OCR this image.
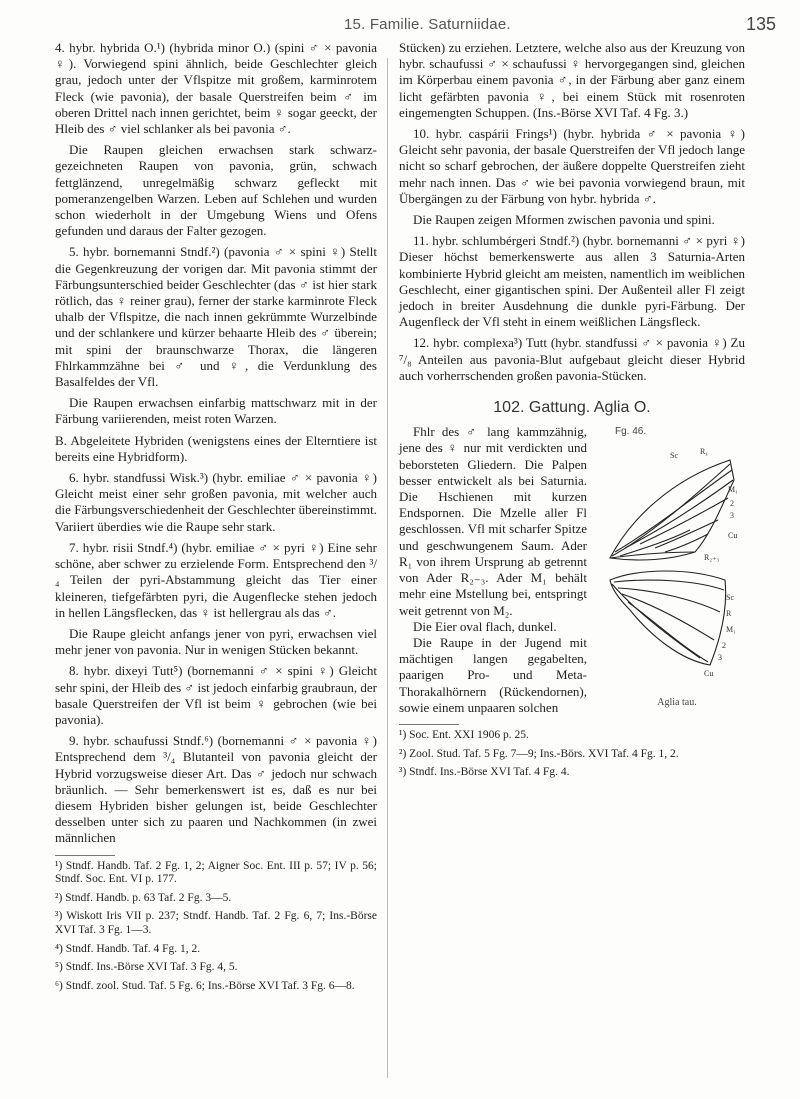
15. Familie. Saturniidae.	135

4. hybr. hybrida O.¹) (hybrida minor O.) (spini ♂ × pavonia ♀). Vorwiegend spini ähnlich, beide Geschlechter gleich grau, jedoch unter der Vflspitze mit großem, karminrotem Fleck (wie pavonia), der basale Querstreifen beim ♂ im oberen Drittel nach innen gerichtet, beim ♀ sogar geeckt, der Hleib des ♂ viel schlanker als bei pavonia ♂.

Die Raupen gleichen erwachsen stark schwarz-gezeichneten Raupen von pavonia, grün, schwach fettglänzend, unregelmäßig schwarz gefleckt mit pomeranzengelben Warzen. Leben auf Schlehen und wurden schon wiederholt in der Umgebung Wiens und Ofens gefunden und daraus der Falter gezogen.

5. hybr. bornemanni Stndf.²) (pavonia ♂ × spini ♀) Stellt die Gegenkreuzung der vorigen dar. Mit pavonia stimmt der Färbungsunterschied beider Geschlechter (das ♂ ist hier stark rötlich, das ♀ reiner grau), ferner der starke karminrote Fleck uhalb der Vflspitze, die nach innen gekrümmte Wurzelbinde und der schlankere und kürzer behaarte Hleib des ♂ überein; mit spini der braunschwarze Thorax, die längeren Fhlrkammzähne bei ♂ und ♀, die Verdunklung des Basalfeldes der Vfl.

Die Raupen erwachsen einfarbig mattschwarz mit in der Färbung variierenden, meist roten Warzen.

B. Abgeleitete Hybriden (wenigstens eines der Elterntiere ist bereits eine Hybridform).

6. hybr. standfussi Wisk.³) (hybr. emiliae ♂ × pavonia ♀) Gleicht meist einer sehr großen pavonia, mit welcher auch die Färbungsverschiedenheit der Geschlechter übereinstimmt. Variiert überdies wie die Raupe sehr stark.

7. hybr. risii Stndf.⁴) (hybr. emiliae ♂ × pyri ♀) Eine sehr schöne, aber schwer zu erzielende Form. Entsprechend den ³/₄ Teilen der pyri-Abstammung gleicht das Tier einer kleineren, tiefgefärbten pyri, die Augenflecke stehen jedoch in hellen Längsflecken, das ♀ ist hellergrau als das ♂.

Die Raupe gleicht anfangs jener von pyri, erwachsen viel mehr jener von pavonia. Nur in wenigen Stücken bekannt.

8. hybr. dixeyi Tutt⁵) (bornemanni ♂ × spini ♀) Gleicht sehr spini, der Hleib des ♂ ist jedoch einfarbig graubraun, der basale Querstreifen der Vfl ist beim ♀ gebrochen (wie bei pavonia).

9. hybr. schaufussi Stndf.⁶) (bornemanni ♂ × pavonia ♀) Entsprechend dem ³/₄ Blutanteil von pavonia gleicht der Hybrid vorzugsweise dieser Art. Das ♂ jedoch nur schwach bräunlich. — Sehr bemerkenswert ist es, daß es nur bei diesem Hybriden bisher gelungen ist, beide Geschlechter desselben unter sich zu paaren und Nachkommen (in zwei männlichen

¹) Stndf. Handb. Taf. 2 Fg. 1, 2; Aigner Soc. Ent. III p. 57; IV p. 56; Stndf. Soc. Ent. VI p. 177.

²) Stndf. Handb. p. 63 Taf. 2 Fg. 3—5.

³) Wiskott Iris VII p. 237; Stndf. Handb. Taf. 2 Fg. 6, 7; Ins.-Börse XVI Taf. 3 Fg. 1—3.

⁴) Stndf. Handb. Taf. 4 Fg. 1, 2.

⁵) Stndf. Ins.-Börse XVI Taf. 3 Fg. 4, 5.

⁶) Stndf. zool. Stud. Taf. 5 Fg. 6; Ins.-Börse XVI Taf. 3 Fg. 6—8.

Stücken) zu erziehen. Letztere, welche also aus der Kreuzung von hybr. schaufussi ♂ × schaufussi ♀ hervorgegangen sind, gleichen im Körperbau einem pavonia ♂, in der Färbung aber ganz einem licht gefärbten pavonia ♀, bei einem Stück mit rosenroten eingemengten Schuppen. (Ins.-Börse XVI Taf. 4 Fg. 3.)

10. hybr. caspárii Frings¹) (hybr. hybrida ♂ × pavonia ♀) Gleicht sehr pavonia, der basale Querstreifen der Vfl jedoch lange nicht so scharf gebrochen, der äußere doppelte Querstreifen zieht mehr nach innen. Das ♂ wie bei pavonia vorwiegend braun, mit Übergängen zu der Färbung von hybr. hybrida ♂.

Die Raupen zeigen Mformen zwischen pavonia und spini.

11. hybr. schlumbérgeri Stndf.²) (hybr. bornemanni ♂ × pyri ♀) Dieser höchst bemerkenswerte aus allen 3 Saturnia-Arten kombinierte Hybrid gleicht am meisten, namentlich im weiblichen Geschlecht, einer gigantischen spini. Der Außenteil aller Fl zeigt jedoch in breiter Ausdehnung die dunkle pyri-Färbung. Der Augenfleck der Vfl steht in einem weißlichen Längsfleck.

12. hybr. complexa³) Tutt (hybr. standfussi ♂ × pavonia ♀) Zu ⁷/₈ Anteilen aus pavonia-Blut aufgebaut gleicht dieser Hybrid auch vorherrschenden großen pavonia-Stücken.

102. Gattung. Aglia O.

Fg. 46.
Sc	R₁
M₁
2
3
Cu
R₂₊₃
Sc
R
M₁
2
3
Cu
Aglia tau.
Fhlr des ♂ lang kammzähnig, jene des ♀ nur mit verdickten und beborsteten Gliedern. Die Palpen besser entwickelt als bei Saturnia. Die Hschienen mit kurzen Endspornen. Die Mzelle aller Fl geschlossen. Vfl mit scharfer Spitze und geschwungenem Saum. Ader R₁ von ihrem Ursprung ab getrennt von Ader R₂₋₃. Ader M₁ behält mehr eine Mstellung bei, entspringt weit getrennt von M₂.

Die Eier oval flach, dunkel.

Die Raupe in der Jugend mit mächtigen langen gegabelten, paarigen Pro- und Meta-Thorakalhörnern (Rückendornen), sowie einem unpaaren solchen

¹) Soc. Ent. XXI 1906 p. 25.

²) Zool. Stud. Taf. 5 Fg. 7—9; Ins.-Börs. XVI Taf. 4 Fg. 1, 2.

³) Stndf. Ins.-Börse XVI Taf. 4 Fg. 4.
